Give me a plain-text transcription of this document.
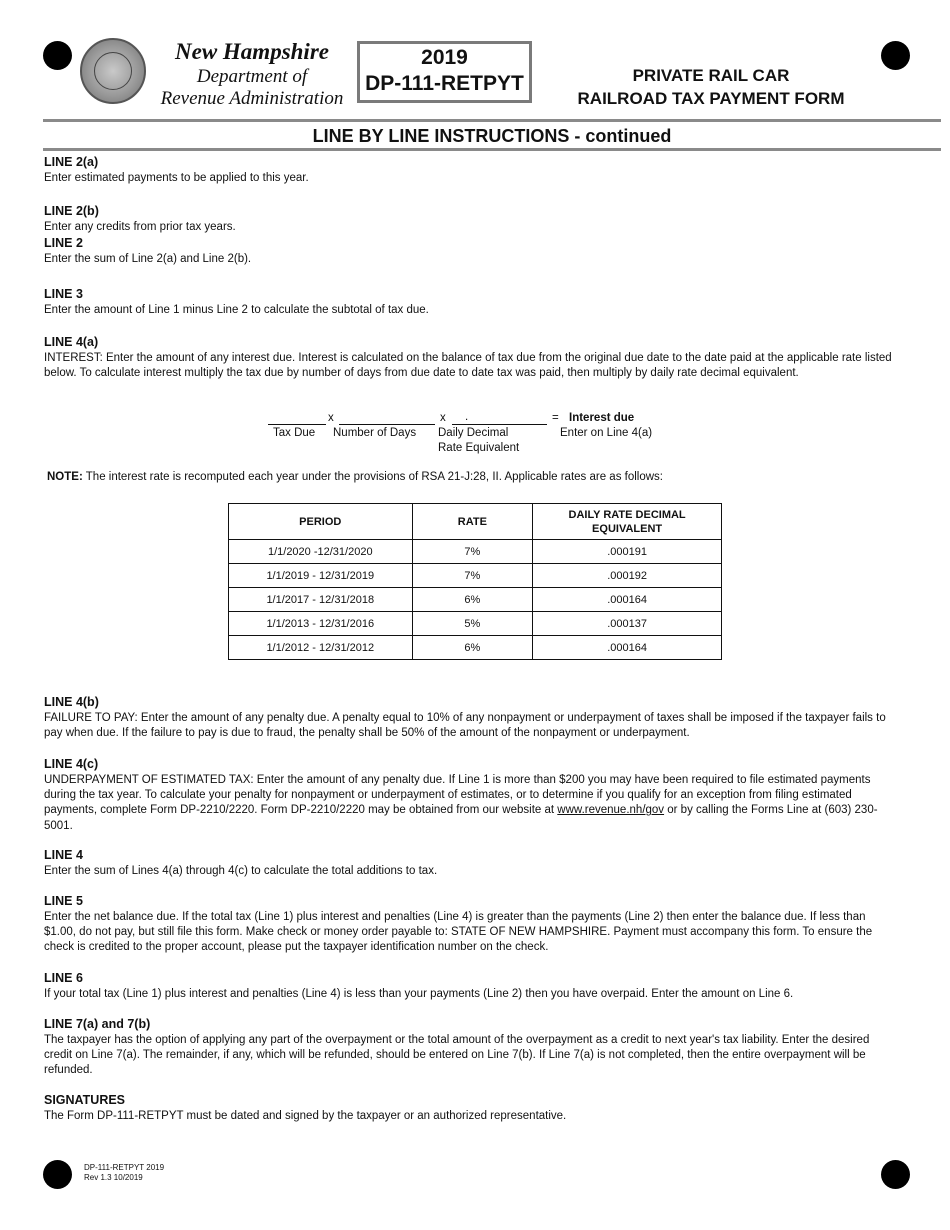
New Hampshire
Department of
Revenue Administration
2019
DP-111-RETPYT	PRIVATE RAIL CAR
RAILROAD TAX PAYMENT FORM
LINE BY LINE INSTRUCTIONS - continued
LINE 2(a)

Enter estimated payments to be applied to this year.

LINE 2(b)

Enter any credits from prior tax years.

LINE 2

Enter the sum of Line 2(a) and Line 2(b).

LINE 3

Enter the amount of Line 1 minus Line 2 to calculate the subtotal of tax due.

LINE 4(a)

INTEREST: Enter the amount of any interest due. Interest is calculated on the balance of tax due from the original due date to the date paid at the applicable rate listed below. To calculate interest multiply the tax due by number of days from due date to date tax was paid, then multiply by daily rate decimal equivalent.

x	x .	= Interest due
Tax Due Number of Days Daily Decimal
Rate Equivalent
Enter on Line 4(a)

NOTE: The interest rate is recomputed each year under the provisions of RSA 21-J:28, II. Applicable rates are as follows:

PERIOD	RATE	DAILY RATE DECIMAL EQUIVALENT

1/1/2020 -12/31/2020	7%	.000191
1/1/2019 - 12/31/2019	7%	.000192
1/1/2017 - 12/31/2018	6%	.000164
1/1/2013 - 12/31/2016	5%	.000137
1/1/2012 - 12/31/2012	6%	.000164
LINE 4(b)

FAILURE TO PAY: Enter the amount of any penalty due. A penalty equal to 10% of any nonpayment or underpayment of taxes shall be imposed if the taxpayer fails to pay when due. If the failure to pay is due to fraud, the penalty shall be 50% of the amount of the nonpayment or underpayment.

LINE 4(c)

UNDERPAYMENT OF ESTIMATED TAX: Enter the amount of any penalty due. If Line 1 is more than $200 you may have been required to file estimated payments during the tax year. To calculate your penalty for nonpayment or underpayment of estimates, or to determine if you qualify for an exception from filing estimated payments, complete Form DP-2210/2220. Form DP-2210/2220 may be obtained from our website at www.revenue.nh/gov or by calling the Forms Line at (603) 230-5001.

LINE 4

Enter the sum of Lines 4(a) through 4(c) to calculate the total additions to tax.

LINE 5

Enter the net balance due. If the total tax (Line 1) plus interest and penalties (Line 4) is greater than the payments (Line 2) then enter the balance due. If less than $1.00, do not pay, but still file this form. Make check or money order payable to: STATE OF NEW HAMPSHIRE. Payment must accompany this form. To ensure the check is credited to the proper account, please put the taxpayer identification number on the check.

LINE 6

If your total tax (Line 1) plus interest and penalties (Line 4) is less than your payments (Line 2) then you have overpaid. Enter the amount on Line 6.

LINE 7(a) and 7(b)

The taxpayer has the option of applying any part of the overpayment or the total amount of the overpayment as a credit to next year's tax liability. Enter the desired credit on Line 7(a). The remainder, if any, which will be refunded, should be entered on Line 7(b). If Line 7(a) is not completed, then the entire overpayment will be refunded.

SIGNATURES

The Form DP-111-RETPYT must be dated and signed by the taxpayer or an authorized representative.

DP-111-RETPYT 2019
Rev 1.3 10/2019
